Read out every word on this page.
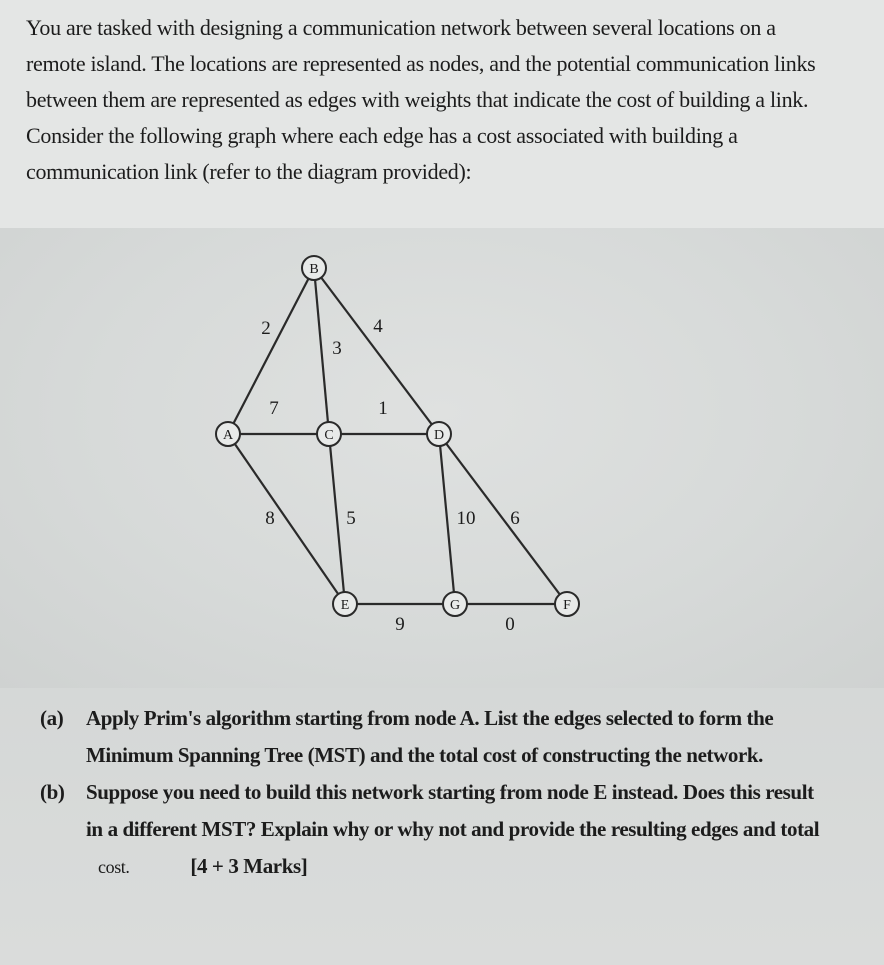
You are tasked with designing a communication network between several locations on a
remote island. The locations are represented as nodes, and the potential communication links
between them are represented as edges with weights that indicate the cost of building a link.
Consider the following graph where each edge has a cost associated with building a
communication link (refer to the diagram provided):
2
3
4
7	1
8	5	10 6
9	0
B
A	C	D
E	G	F
(a) Apply Prim's algorithm starting from node A. List the edges selected to form the
Minimum Spanning Tree (MST) and the total cost of constructing the network.
(b) Suppose you need to build this network starting from node E instead. Does this result
in a different MST? Explain why or why not and provide the resulting edges and total
cost.	[4 + 3 Marks]
